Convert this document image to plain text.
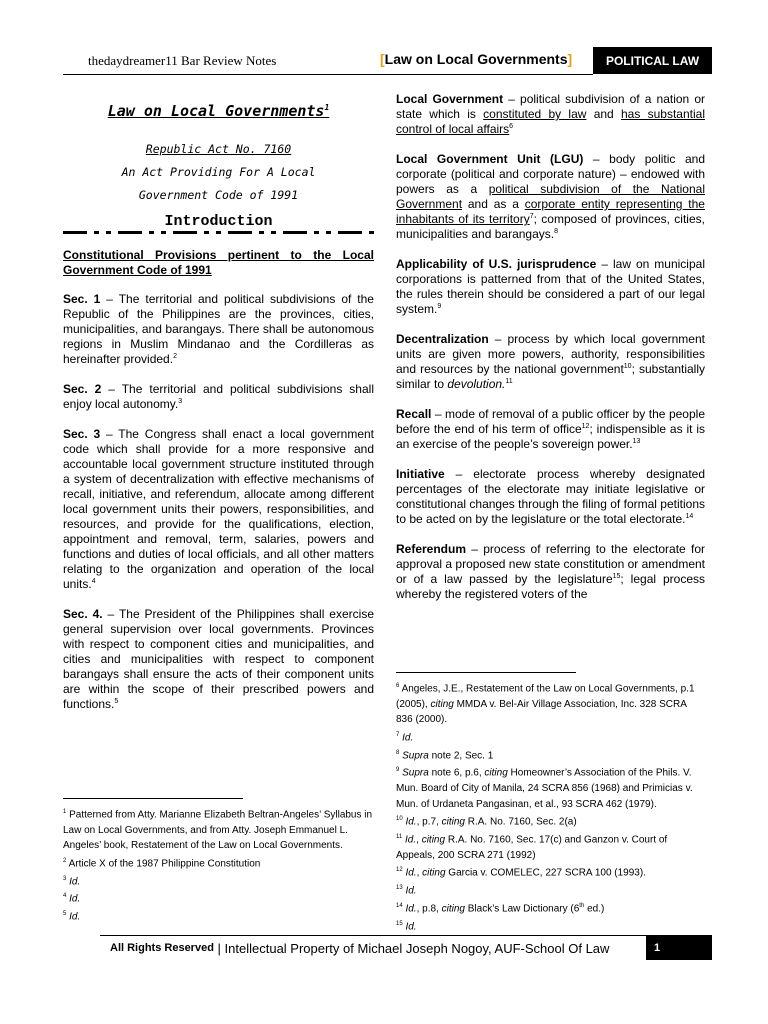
thedaydreamer11 Bar Review Notes	[Law on Local Governments]	POLITICAL LAW
Law on Local Governments$^1$
Republic Act No. 7160
An Act Providing For A Local
Government Code of 1991
Introduction
Constitutional Provisions pertinent to the Local Government Code of 1991

Sec. 1 – The territorial and political subdivisions of the Republic of the Philippines are the provinces, cities, municipalities, and barangays. There shall be autonomous regions in Muslim Mindanao and the Cordilleras as hereinafter provided.$^2$

Sec. 2 – The territorial and political subdivisions shall enjoy local autonomy.$^3$

Sec. 3 – The Congress shall enact a local government code which shall provide for a more responsive and accountable local government structure instituted through a system of decentralization with effective mechanisms of recall, initiative, and referendum, allocate among different local government units their powers, responsibilities, and resources, and provide for the qualifications, election, appointment and removal, term, salaries, powers and functions and duties of local officials, and all other matters relating to the organization and operation of the local units.$^4$

Sec. 4. – The President of the Philippines shall exercise general supervision over local governments. Provinces with respect to component cities and municipalities, and cities and municipalities with respect to component barangays shall ensure the acts of their component units are within the scope of their prescribed powers and functions.$^5$

Local Government – political subdivision of a nation or state which is constituted by law and has substantial control of local affairs$^6$

Local Government Unit (LGU) – body politic and corporate (political and corporate nature) – endowed with powers as a political subdivision of the National Government and as a corporate entity representing the inhabitants of its territory$^7$; composed of provinces, cities, municipalities and barangays.$^8$

Applicability of U.S. jurisprudence – law on municipal corporations is patterned from that of the United States, the rules therein should be considered a part of our legal system.$^9$

Decentralization – process by which local government units are given more powers, authority, responsibilities and resources by the national government$^{10}$; substantially similar to devolution.$^{11}$

Recall – mode of removal of a public officer by the people before the end of his term of office$^{12}$; indispensible as it is an exercise of the people’s sovereign power.$^{13}$

Initiative – electorate process whereby designated percentages of the electorate may initiate legislative or constitutional changes through the filing of formal petitions to be acted on by the legislature or the total electorate.$^{14}$

Referendum – process of referring to the electorate for approval a proposed new state constitution or amendment or of a law passed by the legislature$^{15}$; legal process whereby the registered voters of the

$^1$ Patterned from Atty. Marianne Elizabeth Beltran-Angeles’ Syllabus in Law on Local Governments, and from Atty. Joseph Emmanuel L. Angeles’ book, Restatement of the Law on Local Governments.

$^2$ Article X of the 1987 Philippine Constitution

$^3$ Id.

$^4$ Id.

$^5$ Id.

$^6$ Angeles, J.E., Restatement of the Law on Local Governments, p.1 (2005), citing MMDA v. Bel-Air Village Association, Inc. 328 SCRA 836 (2000).

$^7$ Id.

$^8$ Supra note 2, Sec. 1

$^9$ Supra note 6, p.6, citing Homeowner’s Association of the Phils. V. Mun. Board of City of Manila, 24 SCRA 856 (1968) and Primicias v. Mun. of Urdaneta Pangasinan, et al., 93 SCRA 462 (1979).

$^{10}$ Id., p.7, citing R.A. No. 7160, Sec. 2(a)

$^{11}$ Id., citing R.A. No. 7160, Sec. 17(c) and Ganzon v. Court of Appeals, 200 SCRA 271 (1992)

$^{12}$ Id., citing Garcia v. COMELEC, 227 SCRA 100 (1993).

$^{13}$ Id.

$^{14}$ Id., p.8, citing Black’s Law Dictionary (6th ed.)

$^{15}$ Id.

All Rights Reserved | Intellectual Property of Michael Joseph Nogoy, AUF-School Of Law	1
